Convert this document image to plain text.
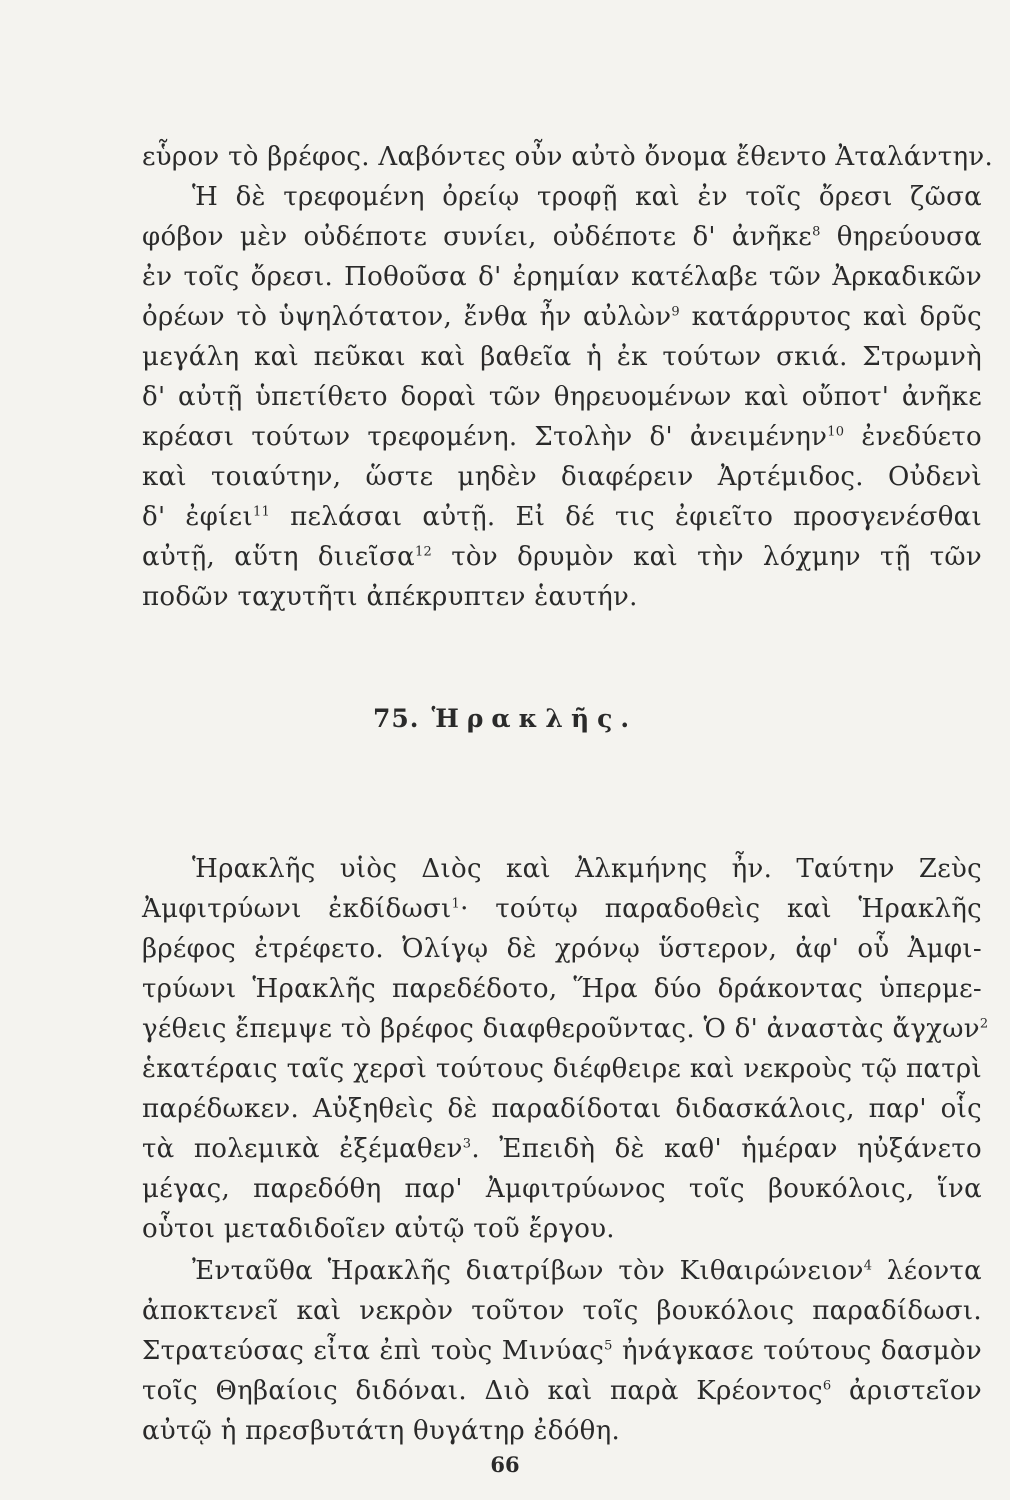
εὗρον τὸ βρέφος. Λαβόντες οὖν αὐτὸ ὄνομα ἔθεντο Ἀταλάντην.
Ἡ δὲ τρεφομένη ὀρείῳ τροφῇ καὶ ἐν τοῖς ὄρεσι ζῶσα
φόβον μὲν οὐδέποτε συνίει, οὐδέποτε δ' ἀνῆκε$^8$ θηρεύουσα
ἐν τοῖς ὄρεσι. Ποθοῦσα δ' ἐρημίαν κατέλαβε τῶν Ἀρκαδικῶν
ὀρέων τὸ ὑψηλότατον, ἔνθα ἦν αὐλὼν$^9$ κατάρρυτος καὶ δρῦς
μεγάλη καὶ πεῦκαι καὶ βαθεῖα ἡ ἐκ τούτων σκιά. Στρωμνὴ
δ' αὐτῇ ὑπετίθετο δοραὶ τῶν θηρευομένων καὶ οὔποτ' ἀνῆκε
κρέασι τούτων τρεφομένη. Στολὴν δ' ἀνειμένην$^{10}$ ἐνεδύετο
καὶ τοιαύτην, ὥστε μηδὲν διαφέρειν Ἀρτέμιδος. Οὐδενὶ
δ' ἐφίει$^{11}$ πελάσαι αὐτῇ. Εἰ δέ τις ἐφιεῖτο προσγενέσθαι
αὐτῇ, αὕτη διιεῖσα$^{12}$ τὸν δρυμὸν καὶ τὴν λόχμην τῇ τῶν
ποδῶν ταχυτῆτι ἀπέκρυπτεν ἑαυτήν.
75. Ἡρακλῆς.
Ἡρακλῆς υἱὸς Διὸς καὶ Ἀλκμήνης ἦν. Ταύτην Ζεὺς
Ἀμφιτρύωνι ἐκδίδωσι$^1$· τούτῳ παραδοθεὶς καὶ Ἡρακλῆς
βρέφος ἐτρέφετο. Ὀλίγῳ δὲ χρόνῳ ὕστερον, ἀφ' οὗ Ἀμφι-
τρύωνι Ἡρακλῆς παρεδέδοτο, Ἥρα δύο δράκοντας ὑπερμε-
γέθεις ἔπεμψε τὸ βρέφος διαφθεροῦντας. Ὁ δ' ἀναστὰς ἄγχων$^2$
ἑκατέραις ταῖς χερσὶ τούτους διέφθειρε καὶ νεκροὺς τῷ πατρὶ
παρέδωκεν. Αὐξηθεὶς δὲ παραδίδοται διδασκάλοις, παρ' οἷς
τὰ πολεμικὰ ἐξέμαθεν$^3$. Ἐπειδὴ δὲ καθ' ἡμέραν ηὐξάνετο
μέγας, παρεδόθη παρ' Ἀμφιτρύωνος τοῖς βουκόλοις, ἵνα
οὗτοι μεταδιδοῖεν αὐτῷ τοῦ ἔργου.
Ἐνταῦθα Ἡρακλῆς διατρίβων τὸν Κιθαιρώνειον$^4$ λέοντα
ἀποκτενεῖ καὶ νεκρὸν τοῦτον τοῖς βουκόλοις παραδίδωσι.
Στρατεύσας εἶτα ἐπὶ τοὺς Μινύας$^5$ ἠνάγκασε τούτους δασμὸν
τοῖς Θηβαίοις διδόναι. Διὸ καὶ παρὰ Κρέοντος$^6$ ἀριστεῖον
αὐτῷ ἡ πρεσβυτάτη θυγάτηρ ἐδόθη.
66
